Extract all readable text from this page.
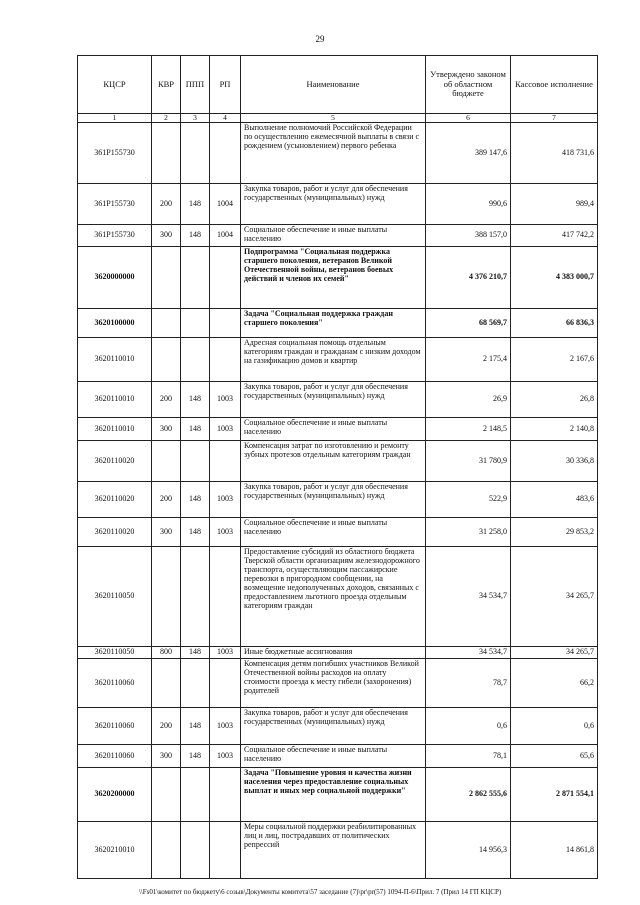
29
КЦСР	КВР	ППП	РП	Наименование	Утверждено законом об областном бюджете	Кассовое исполнение
1	2	3	4	5	6	7
361P155730				Выполнение полномочий Российской Федерации по осуществлению ежемесячной выплаты в связи с рождением (усыновлением) первого ребенка	389 147,6	418 731,6
361P155730	200	148	1004	Закупка товаров, работ и услуг для обеспечения государственных (муниципальных) нужд	990,6	989,4
361P155730	300	148	1004	Социальное обеспечение и иные выплаты населению	388 157,0	417 742,2
3620000000				Подпрограмма "Социальная поддержка старшего поколения, ветеранов Великой Отечественной войны, ветеранов боевых действий и членов их семей"	4 376 210,7	4 383 000,7
3620100000				Задача "Социальная поддержка граждан старшего поколения"	68 569,7	66 836,3
3620110010				Адресная социальная помощь отдельным категориям граждан и гражданам с низким доходом на газификацию домов и квартир	2 175,4	2 167,6
3620110010	200	148	1003	Закупка товаров, работ и услуг для обеспечения государственных (муниципальных) нужд	26,9	26,8
3620110010	300	148	1003	Социальное обеспечение и иные выплаты населению	2 148,5	2 140,8
3620110020				Компенсация затрат по изготовлению и ремонту зубных протезов отдельным категориям граждан	31 780,9	30 336,8
3620110020	200	148	1003	Закупка товаров, работ и услуг для обеспечения государственных (муниципальных) нужд	522,9	483,6
3620110020	300	148	1003	Социальное обеспечение и иные выплаты населению	31 258,0	29 853,2
3620110050				Предоставление субсидий из областного бюджета Тверской области организациям железнодорожного транспорта, осуществляющим пассажирские перевозки в пригородном сообщении, на возмещение недополученных доходов, связанных с предоставлением льготного проезда отдельным категориям граждан	34 534,7	34 265,7
3620110050	800	148	1003	Иные бюджетные ассигнования	34 534,7	34 265,7
3620110060				Компенсация детям погибших участников Великой Отечественной войны расходов на оплату стоимости проезда к месту гибели (захоронения) родителей	78,7	66,2
3620110060	200	148	1003	Закупка товаров, работ и услуг для обеспечения государственных (муниципальных) нужд	0,6	0,6
3620110060	300	148	1003	Социальное обеспечение и иные выплаты населению	78,1	65,6
3620200000				Задача "Повышение уровня и качества жизни населения через предоставление социальных выплат и иных мер социальной поддержки"	2 862 555,6	2 871 554,1
3620210010				Меры социальной поддержки реабилитированных лиц и лиц, пострадавших от политических репрессий	14 956,3	14 861,8
\\Fs01\комитет по бюджету\6 созыв\Документы комитета\57 заседание (7)\pr\pr(57) 1094-П-6\Прил. 7 (Прил 14 ГП КЦСР)
